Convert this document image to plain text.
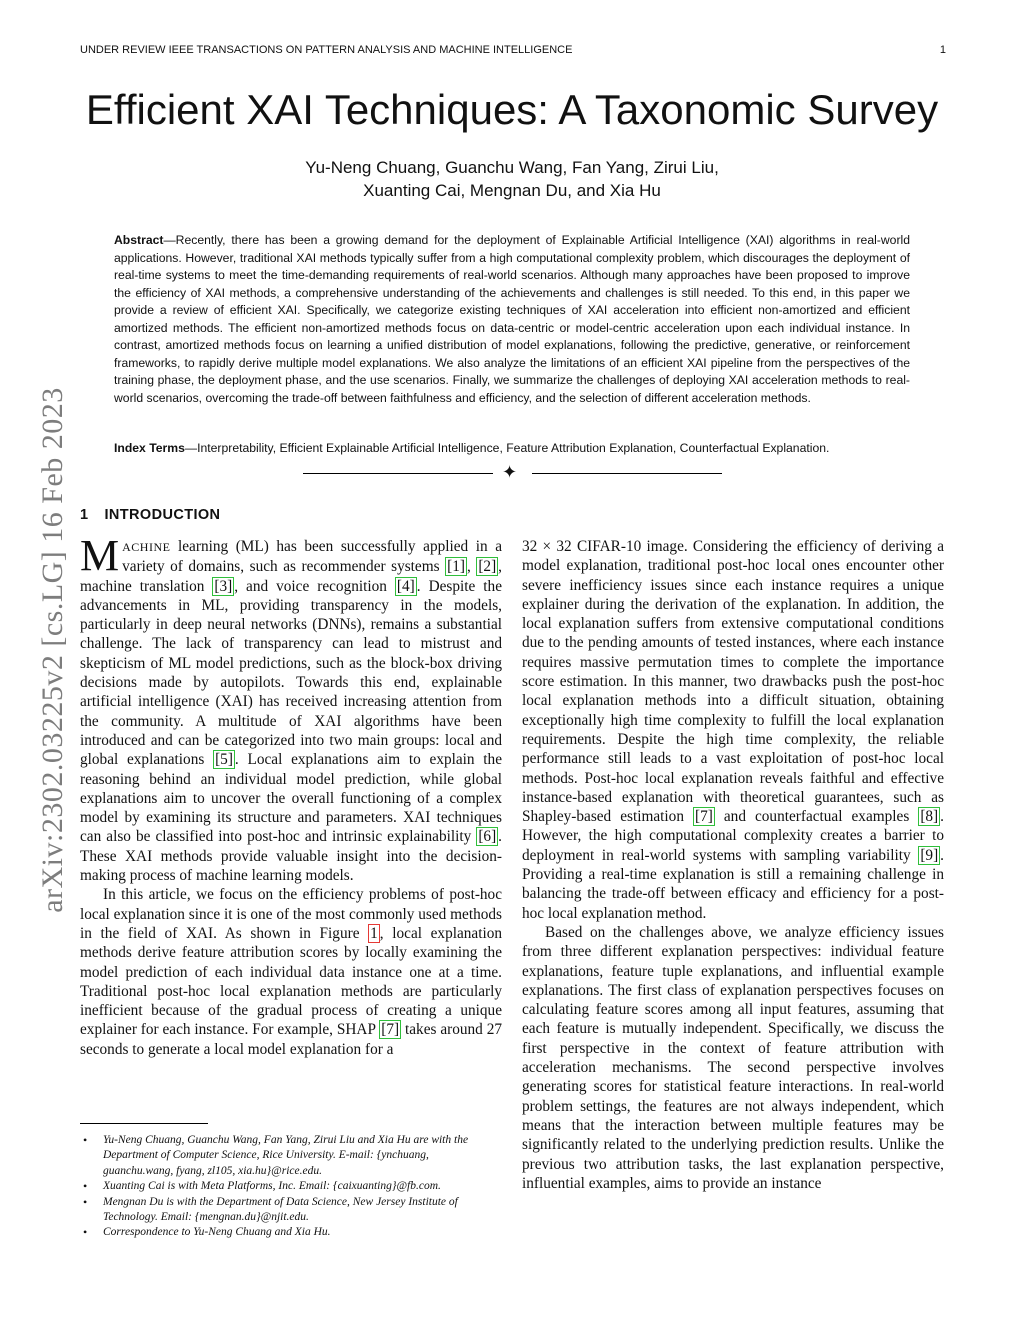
UNDER REVIEW IEEE TRANSACTIONS ON PATTERN ANALYSIS AND MACHINE INTELLIGENCE	1
arXiv:2302.03225v2 [cs.LG] 16 Feb 2023
Efficient XAI Techniques: A Taxonomic Survey
Yu-Neng Chuang, Guanchu Wang, Fan Yang, Zirui Liu,
Xuanting Cai, Mengnan Du, and Xia Hu
Abstract—Recently, there has been a growing demand for the deployment of Explainable Artificial Intelligence (XAI) algorithms in real-world applications. However, traditional XAI methods typically suffer from a high computational complexity problem, which discourages the deployment of real-time systems to meet the time-demanding requirements of real-world scenarios. Although many approaches have been proposed to improve the efficiency of XAI methods, a comprehensive understanding of the achievements and challenges is still needed. To this end, in this paper we provide a review of efficient XAI. Specifically, we categorize existing techniques of XAI acceleration into efficient non-amortized and efficient amortized methods. The efficient non-amortized methods focus on data-centric or model-centric acceleration upon each individual instance. In contrast, amortized methods focus on learning a unified distribution of model explanations, following the predictive, generative, or reinforcement frameworks, to rapidly derive multiple model explanations. We also analyze the limitations of an efficient XAI pipeline from the perspectives of the training phase, the deployment phase, and the use scenarios. Finally, we summarize the challenges of deploying XAI acceleration methods to real-world scenarios, overcoming the trade-off between faithfulness and efficiency, and the selection of different acceleration methods.
Index Terms—Interpretability, Efficient Explainable Artificial Intelligence, Feature Attribution Explanation, Counterfactual Explanation.
✦
1 INTRODUCTION

MACHINE learning (ML) has been successfully applied in a variety of domains, such as recommender systems [1] , [2] , machine translation [3] , and voice recognition [4] . Despite the advancements in ML, providing transparency in the models, particularly in deep neural networks (DNNs), remains a substantial challenge. The lack of transparency can lead to mistrust and skepticism of ML model predictions, such as the block-box driving decisions made by autopilots. Towards this end, explainable artificial intelligence (XAI) has received increasing attention from the community. A multitude of XAI algorithms have been introduced and can be categorized into two main groups: local and global explanations [5] . Local explanations aim to explain the reasoning behind an individual model prediction, while global explanations aim to uncover the overall functioning of a complex model by examining its structure and parameters. XAI techniques can also be classified into post-hoc and intrinsic explainability [6] . These XAI methods provide valuable insight into the decision-making process of machine learning models.

In this article, we focus on the efficiency problems of post-hoc local explanation since it is one of the most commonly used methods in the field of XAI. As shown in Figure 1 , local explanation methods derive feature attribution scores by locally examining the model prediction of each individual data instance one at a time. Traditional post-hoc local explanation methods are particularly inefficient because of the gradual process of creating a unique explainer for each instance. For example, SHAP [7] takes around 27 seconds to generate a local model explanation for a

• Yu-Neng Chuang, Guanchu Wang, Fan Yang, Zirui Liu and Xia Hu are with the Department of Computer Science, Rice University. E-mail: {ynchuang, guanchu.wang, fyang, zl105, xia.hu}@rice.edu.
• Xuanting Cai is with Meta Platforms, Inc. Email: {caixuanting}@fb.com.
• Mengnan Du is with the Department of Data Science, New Jersey Institute of Technology. Email: {mengnan.du}@njit.edu.
• Correspondence to Yu-Neng Chuang and Xia Hu.

32 × 32 CIFAR-10 image. Considering the efficiency of deriving a model explanation, traditional post-hoc local ones encounter other severe inefficiency issues since each instance requires a unique explainer during the derivation of the explanation. In addition, the local explanation suffers from extensive computational conditions due to the pending amounts of tested instances, where each instance requires massive permutation times to complete the importance score estimation. In this manner, two drawbacks push the post-hoc local explanation methods into a difficult situation, obtaining exceptionally high time complexity to fulfill the local explanation requirements. Despite the high time complexity, the reliable performance still leads to a vast exploitation of post-hoc local methods. Post-hoc local explanation reveals faithful and effective instance-based explanation with theoretical guarantees, such as Shapley-based estimation [7] and counterfactual examples [8] . However, the high computational complexity creates a barrier to deployment in real-world systems with sampling variability [9] . Providing a real-time explanation is still a remaining challenge in balancing the trade-off between efficacy and efficiency for a post-hoc local explanation method.

Based on the challenges above, we analyze efficiency issues from three different explanation perspectives: individual feature explanations, feature tuple explanations, and influential example explanations. The first class of explanation perspectives focuses on calculating feature scores among all input features, assuming that each feature is mutually independent. Specifically, we discuss the first perspective in the context of feature attribution with acceleration mechanisms. The second perspective involves generating scores for statistical feature interactions. In real-world problem settings, the features are not always independent, which means that the interaction between multiple features may be significantly related to the underlying prediction results. Unlike the previous two attribution tasks, the last explanation perspective, influential examples, aims to provide an instance
